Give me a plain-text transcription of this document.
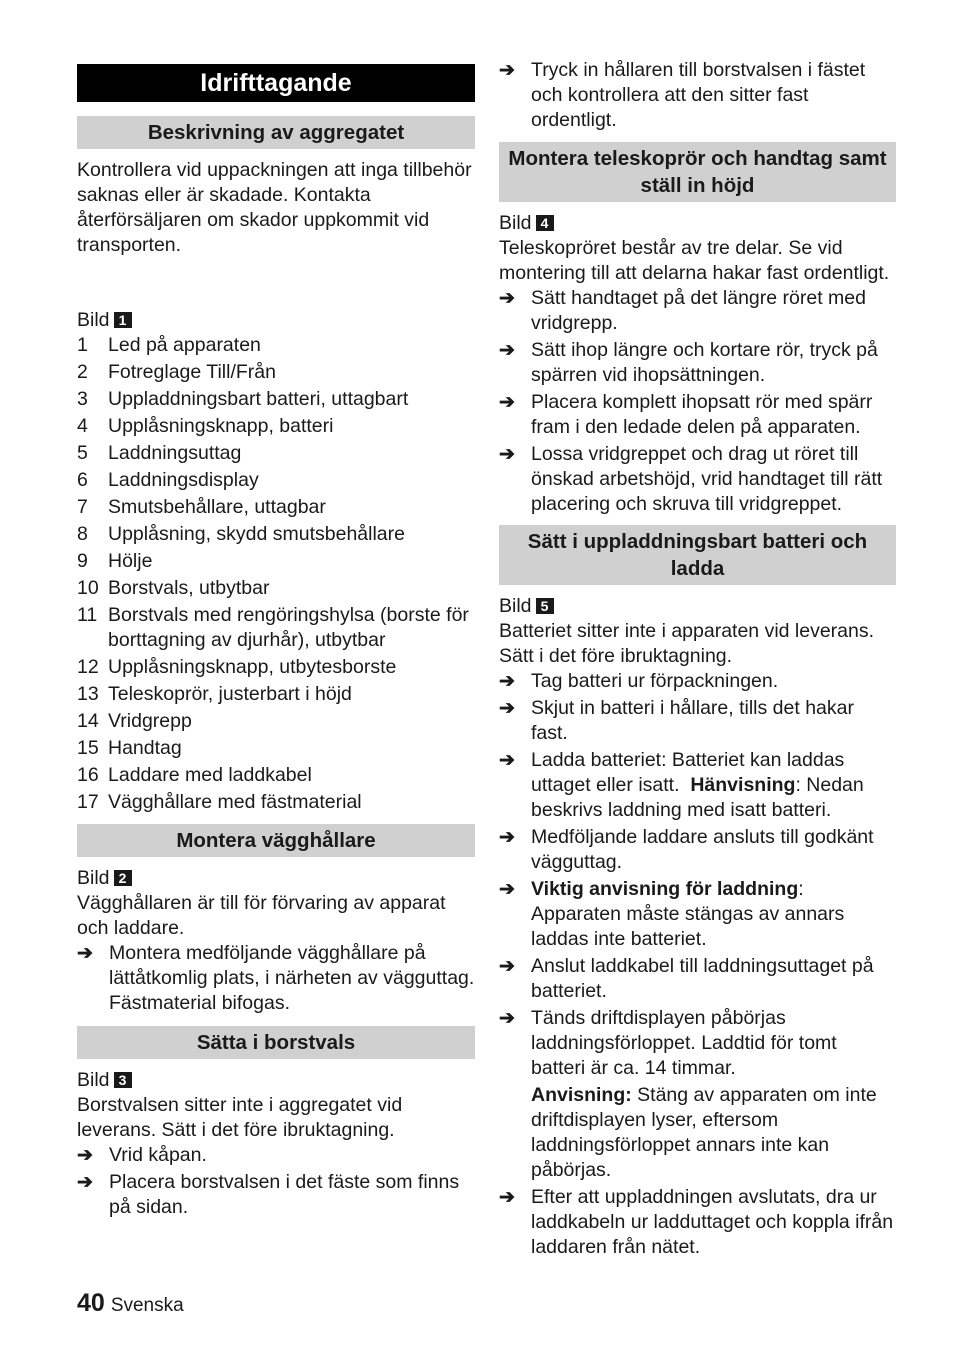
Idrifttagande
Beskrivning av aggregatet

Kontrollera vid uppackningen att inga tillbehör saknas eller är skadade. Kontakta återförsäljaren om skador uppkommit vid transporten.

Bild 1

1	Led på apparaten
2	Fotreglage Till/Från
3	Uppladdningsbart batteri, uttagbart
4	Upplåsningsknapp, batteri
5	Laddningsuttag
6	Laddningsdisplay
7	Smutsbehållare, uttagbar
8	Upplåsning, skydd smutsbehållare
9	Hölje
10 Borstvals, utbytbar
11 Borstvals med rengöringshylsa (borste för borttagning av djurhår), utbytbar
12 Upplåsningsknapp, utbytesborste
13 Teleskoprör, justerbart i höjd
14 Vridgrepp
15 Handtag
16 Laddare med laddkabel
17 Vägghållare med fästmaterial
Montera vägghållare

Bild 2

Vägghållaren är till för förvaring av apparat och laddare.

➔ Montera medföljande vägghållare på lättåtkomlig plats, i närheten av vägguttag. Fästmaterial bifogas.
Sätta i borstvals

Bild 3

Borstvalsen sitter inte i aggregatet vid leverans. Sätt i det före ibruktagning.

➔ Vrid kåpan.
➔ Placera borstvalsen i det fäste som finns på sidan.
➔ Tryck in hållaren till borstvalsen i fästet och kontrollera att den sitter fast ordentligt.
Montera teleskoprör och handtag samt ställ in höjd

Bild 4

Teleskopröret består av tre delar. Se vid montering till att delarna hakar fast ordentligt.

➔ Sätt handtaget på det längre röret med vridgrepp.
➔ Sätt ihop längre och kortare rör, tryck på spärren vid ihopsättningen.
➔ Placera komplett ihopsatt rör med spärr fram i den ledade delen på apparaten.
➔ Lossa vridgreppet och drag ut röret till önskad arbetshöjd, vrid handtaget till rätt placering och skruva till vridgreppet.
Sätt i uppladdningsbart batteri och ladda

Bild 5

Batteriet sitter inte i apparaten vid leverans. Sätt i det före ibruktagning.

➔ Tag batteri ur förpackningen.
➔ Skjut in batteri i hållare, tills det hakar fast.
➔ Ladda batteriet: Batteriet kan laddas uttaget eller isatt. Hänvisning: Nedan beskrivs laddning med isatt batteri.
➔ Medföljande laddare ansluts till godkänt vägguttag.
➔ Viktig anvisning för laddning: Apparaten måste stängas av annars laddas inte batteriet.
➔ Anslut laddkabel till laddningsuttaget på batteriet.
➔ Tänds driftdisplayen påbörjas laddningsförloppet. Laddtid för tomt batteri är ca. 14 timmar.

Anvisning: Stäng av apparaten om inte driftdisplayen lyser, eftersom laddningsförloppet annars inte kan påbörjas.

➔ Efter att uppladdningen avslutats, dra ur laddkabeln ur ladduttaget och koppla ifrån laddaren från nätet.
40 Svenska
